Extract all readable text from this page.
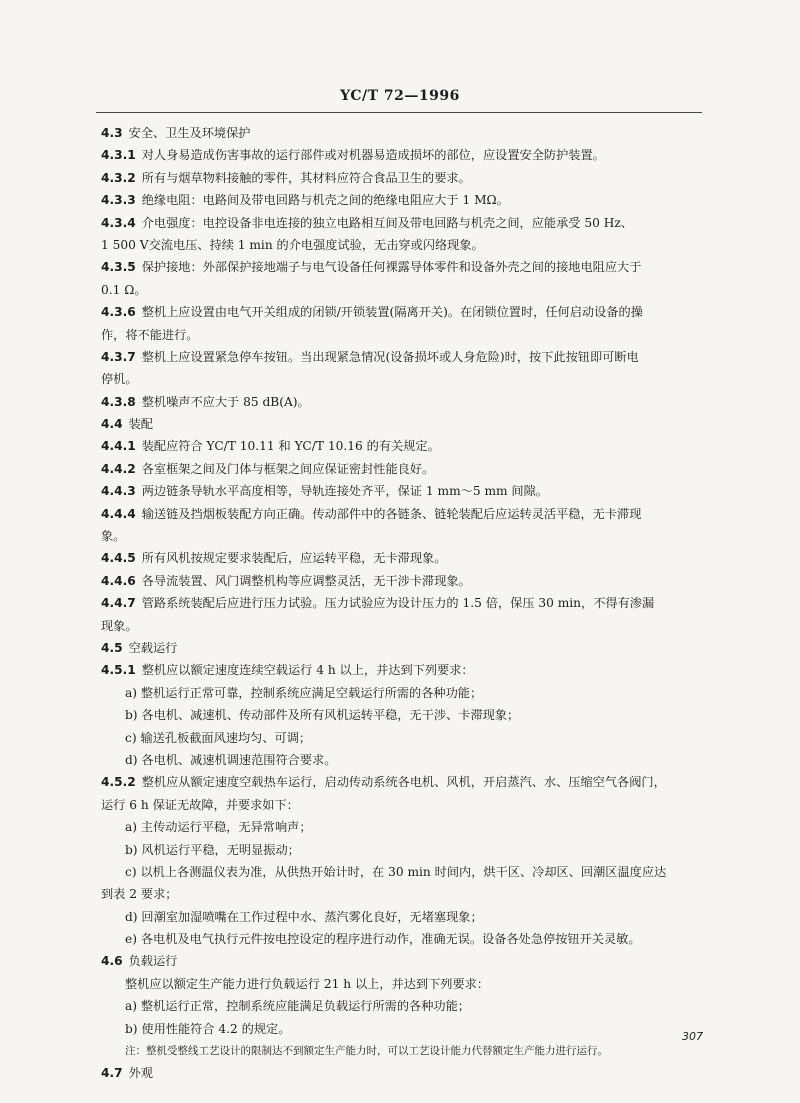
YC/T 72—1996
4.3 安全、卫生及环境保护
4.3.1 对人身易造成伤害事故的运行部件或对机器易造成损坏的部位，应设置安全防护装置。
4.3.2 所有与烟草物料接触的零件，其材料应符合食品卫生的要求。
4.3.3 绝缘电阻：电路间及带电回路与机壳之间的绝缘电阻应大于 1 MΩ。
4.3.4 介电强度：电控设备非电连接的独立电路相互间及带电回路与机壳之间，应能承受 50 Hz、
1 500 V交流电压、持续 1 min 的介电强度试验，无击穿或闪络现象。
4.3.5 保护接地：外部保护接地端子与电气设备任何裸露导体零件和设备外壳之间的接地电阻应大于
0.1 Ω。
4.3.6 整机上应设置由电气开关组成的闭锁/开锁装置(隔离开关)。在闭锁位置时，任何启动设备的操
作，将不能进行。
4.3.7 整机上应设置紧急停车按钮。当出现紧急情况(设备损坏或人身危险)时，按下此按钮即可断电
停机。
4.3.8 整机噪声不应大于 85 dB(A)。
4.4 装配
4.4.1 装配应符合 YC/T 10.11 和 YC/T 10.16 的有关规定。
4.4.2 各室框架之间及门体与框架之间应保证密封性能良好。
4.4.3 两边链条导轨水平高度相等，导轨连接处齐平，保证 1 mm～5 mm 间隙。
4.4.4 输送链及挡烟板装配方向正确。传动部件中的各链条、链轮装配后应运转灵活平稳，无卡滞现
象。
4.4.5 所有风机按规定要求装配后，应运转平稳，无卡滞现象。
4.4.6 各导流装置、风门调整机构等应调整灵活，无干涉卡滞现象。
4.4.7 管路系统装配后应进行压力试验。压力试验应为设计压力的 1.5 倍，保压 30 min，不得有渗漏
现象。
4.5 空载运行
4.5.1 整机应以额定速度连续空载运行 4 h 以上，并达到下列要求：
a) 整机运行正常可靠，控制系统应满足空载运行所需的各种功能；
b) 各电机、减速机、传动部件及所有风机运转平稳，无干涉、卡滞现象；
c) 输送孔板截面风速均匀、可调；
d) 各电机、减速机调速范围符合要求。
4.5.2 整机应从额定速度空载热车运行，启动传动系统各电机、风机，开启蒸汽、水、压缩空气各阀门，
运行 6 h 保证无故障，并要求如下：
a) 主传动运行平稳，无异常响声；
b) 风机运行平稳，无明显振动；
c) 以机上各测温仪表为准，从供热开始计时，在 30 min 时间内，烘干区、冷却区、回潮区温度应达
到表 2 要求；
d) 回潮室加湿喷嘴在工作过程中水、蒸汽雾化良好，无堵塞现象；
e) 各电机及电气执行元件按电控设定的程序进行动作，准确无误。设备各处急停按钮开关灵敏。
4.6 负载运行
整机应以额定生产能力进行负载运行 21 h 以上，并达到下列要求：
a) 整机运行正常，控制系统应能满足负载运行所需的各种功能；
b) 使用性能符合 4.2 的规定。
注：整机受整线工艺设计的限制达不到额定生产能力时，可以工艺设计能力代替额定生产能力进行运行。
4.7 外观
307
